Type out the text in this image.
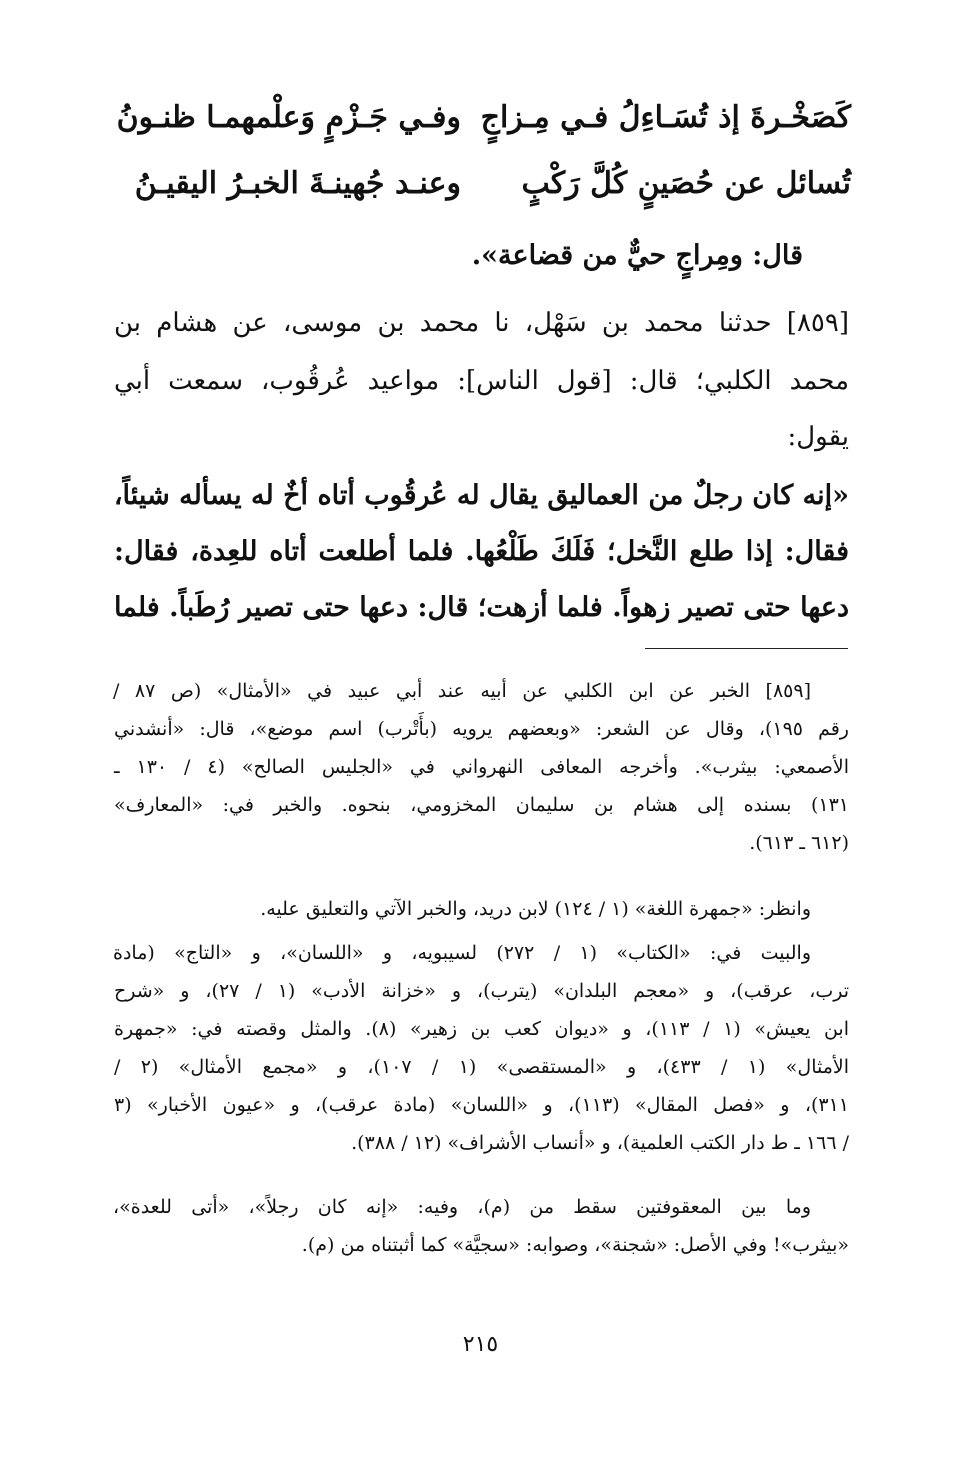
كَصَخْـرةَ إذ تُسَـاءِلُ فـي مِـزاجٍ
وفـي جَـزْمٍ وَعلْمهمـا ظنـونُ
تُسائل عن حُصَينٍ كُلَّ رَكْبٍ
وعنـد جُهينـةَ الخبـرُ اليقيـنُ
قال: ومِراجٍ حيٌّ من قضاعة».
[٨٥٩] حدثنا محمد بن سَهْل، نا محمد بن موسى، عن هشام بن
محمد الكلبي؛ قال: [قول الناس]: مواعيد عُرقُوب، سمعت أبي
يقول:
«إنه كان رجلٌ من العماليق يقال له عُرقُوب أتاه أخٌ له يسأله شيئاً،
فقال: إذا طلع النَّخل؛ فَلَكَ طَلْعُها. فلما أطلعت أتاه للعِدة، فقال:
دعها حتى تصير زهواً. فلما أزهت؛ قال: دعها حتى تصير رُطَباً. فلما
[٨٥٩] الخبر عن ابن الكلبي عن أبيه عند أبي عبيد في «الأمثال» (ص ٨٧ /
رقم ١٩٥)، وقال عن الشعر: «وبعضهم يرويه (بأَتْرب) اسم موضع»، قال: «أنشدني
الأصمعي: بيثرب». وأخرجه المعافى النهرواني في «الجليس الصالح» (٤ / ١٣٠ ـ
١٣١) بسنده إلى هشام بن سليمان المخزومي، بنحوه. والخبر في: «المعارف»
(٦١٢ ـ ٦١٣).
وانظر: «جمهرة اللغة» (١ / ١٢٤) لابن دريد، والخبر الآتي والتعليق عليه.
والبيت في: «الكتاب» (١ / ٢٧٢) لسيبويه، و «اللسان»، و «التاج» (مادة
ترب، عرقب)، و «معجم البلدان» (يترب)، و «خزانة الأدب» (١ / ٢٧)، و «شرح
ابن يعيش» (١ / ١١٣)، و «ديوان كعب بن زهير» (٨). والمثل وقصته في: «جمهرة
الأمثال» (١ / ٤٣٣)، و «المستقصى» (١ / ١٠٧)، و «مجمع الأمثال» (٢ /
٣١١)، و «فصل المقال» (١١٣)، و «اللسان» (مادة عرقب)، و «عيون الأخبار» (٣
/ ١٦٦ ـ ط دار الكتب العلمية)، و «أنساب الأشراف» (١٢ / ٣٨٨).
وما بين المعقوفتين سقط من (م)، وفيه: «إنه كان رجلاً»، «أتى للعدة»،
«بيثرب»! وفي الأصل: «شجنة»، وصوابه: «سجيَّة» كما أثبتناه من (م).
٢١٥
